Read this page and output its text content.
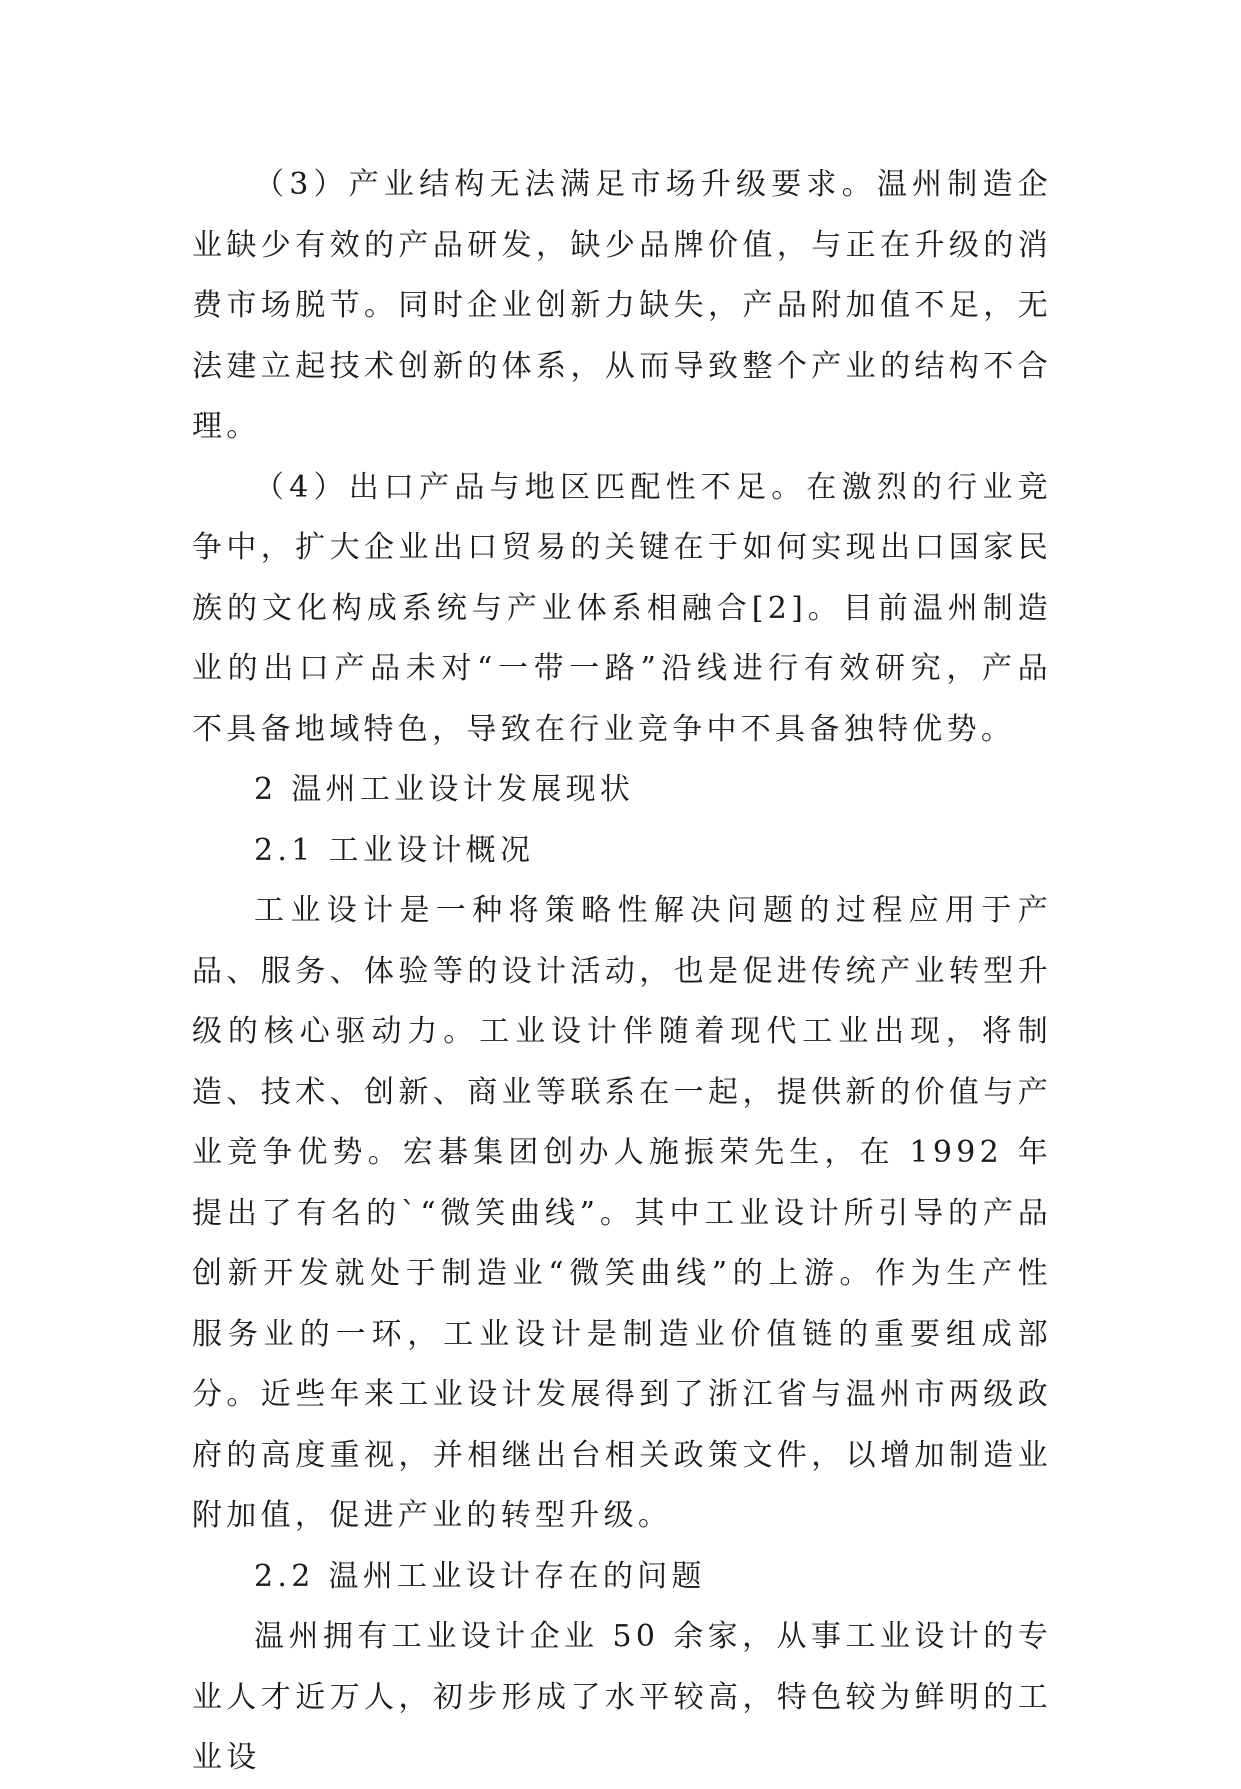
（3）产业结构无法满足市场升级要求。温州制造企业缺少有效的产品研发，缺少品牌价值，与正在升级的消费市场脱节。同时企业创新力缺失，产品附加值不足，无法建立起技术创新的体系，从而导致整个产业的结构不合理。

（4）出口产品与地区匹配性不足。在激烈的行业竞争中，扩大企业出口贸易的关键在于如何实现出口国家民族的文化构成系统与产业体系相融合[2]。目前温州制造业的出口产品未对“一带一路”沿线进行有效研究，产品不具备地域特色，导致在行业竞争中不具备独特优势。

2 温州工业设计发展现状

2.1 工业设计概况

工业设计是一种将策略性解决问题的过程应用于产品、服务、体验等的设计活动，也是促进传统产业转型升级的核心驱动力。工业设计伴随着现代工业出现，将制造、技术、创新、商业等联系在一起，提供新的价值与产业竞争优势。宏碁集团创办人施振荣先生，在 1992 年提出了有名的`“微笑曲线”。其中工业设计所引导的产品创新开发就处于制造业“微笑曲线”的上游。作为生产性服务业的一环，工业设计是制造业价值链的重要组成部分。近些年来工业设计发展得到了浙江省与温州市两级政府的高度重视，并相继出台相关政策文件，以增加制造业附加值，促进产业的转型升级。

2.2 温州工业设计存在的问题

温州拥有工业设计企业 50 余家，从事工业设计的专业人才近万人，初步形成了水平较高，特色较为鲜明的工业设
